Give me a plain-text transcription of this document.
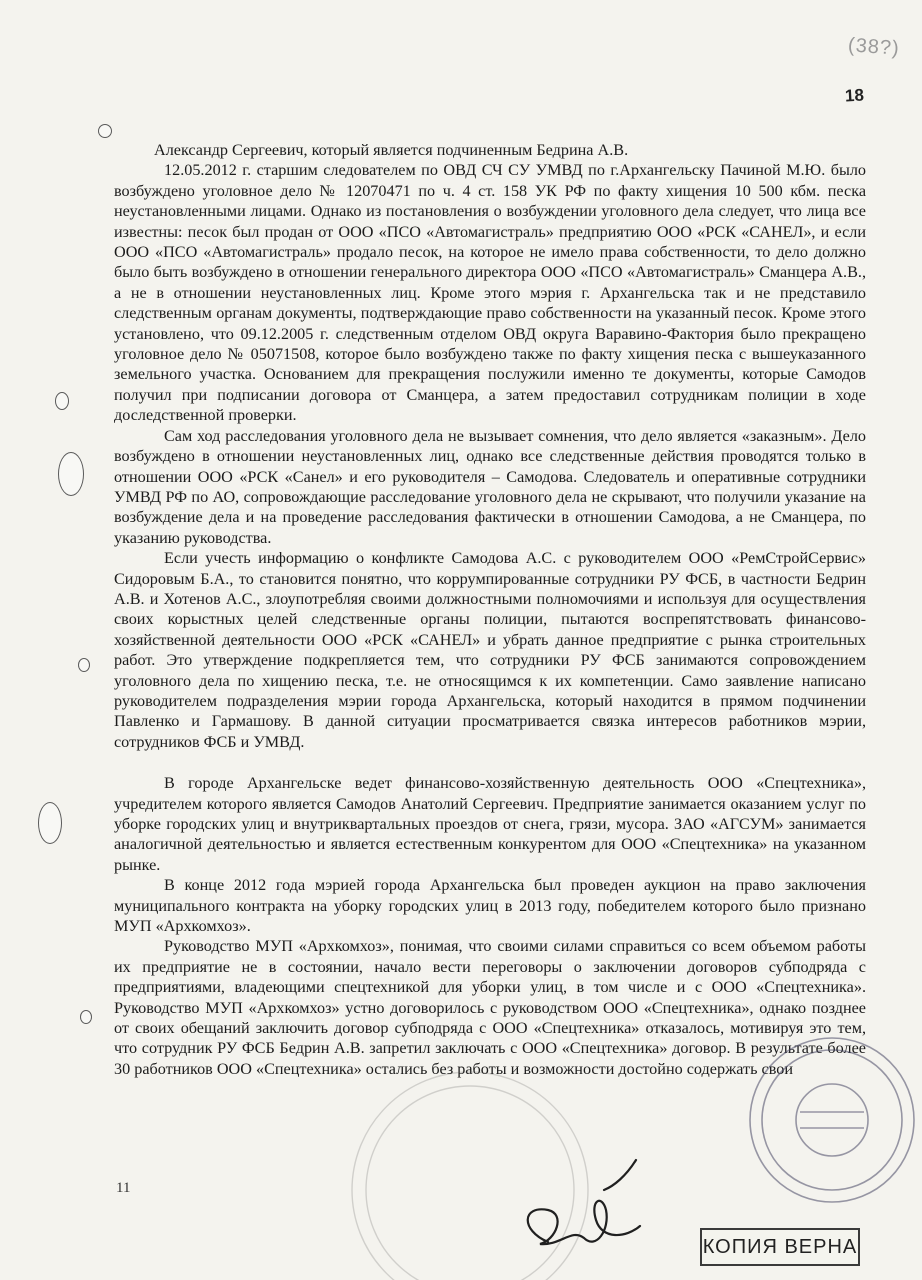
(38?)
18

Александр Сергеевич, который является подчиненным Бедрина А.В.

12.05.2012 г. старшим следователем по ОВД СЧ СУ УМВД по г.Архангельску Пачиной М.Ю. было возбуждено уголовное дело № 12070471 по ч. 4 ст. 158 УК РФ по факту хищения 10 500 кбм. песка неустановленными лицами. Однако из постановления о возбуждении уголовного дела следует, что лица все известны: песок был продан от ООО «ПСО «Автомагистраль» предприятию ООО «РСК «САНЕЛ», и если ООО «ПСО «Автомагистраль» продало песок, на которое не имело права собственности, то дело должно было быть возбуждено в отношении генерального директора ООО «ПСО «Автомагистраль» Сманцера А.В., а не в отношении неустановленных лиц. Кроме этого мэрия г. Архангельска так и не представило следственным органам документы, подтверждающие право собственности на указанный песок. Кроме этого установлено, что 09.12.2005 г. следственным отделом ОВД округа Варавино-Фактория было прекращено уголовное дело № 05071508, которое было возбуждено также по факту хищения песка с вышеуказанного земельного участка. Основанием для прекращения послужили именно те документы, которые Самодов получил при подписании договора от Сманцера, а затем предоставил сотрудникам полиции в ходе доследственной проверки.

Сам ход расследования уголовного дела не вызывает сомнения, что дело является «заказным». Дело возбуждено в отношении неустановленных лиц, однако все следственные действия проводятся только в отношении ООО «РСК «Санел» и его руководителя – Самодова. Следователь и оперативные сотрудники УМВД РФ по АО, сопровождающие расследование уголовного дела не скрывают, что получили указание на возбуждение дела и на проведение расследования фактически в отношении Самодова, а не Сманцера, по указанию руководства.

Если учесть информацию о конфликте Самодова А.С. с руководителем ООО «РемСтройСервис» Сидоровым Б.А., то становится понятно, что коррумпированные сотрудники РУ ФСБ, в частности Бедрин А.В. и Хотенов А.С., злоупотребляя своими должностными полномочиями и используя для осуществления своих корыстных целей следственные органы полиции, пытаются воспрепятствовать финансово-хозяйственной деятельности ООО «РСК «САНЕЛ» и убрать данное предприятие с рынка строительных работ. Это утверждение подкрепляется тем, что сотрудники РУ ФСБ занимаются сопровождением уголовного дела по хищению песка, т.е. не относящимся к их компетенции. Само заявление написано руководителем подразделения мэрии города Архангельска, который находится в прямом подчинении Павленко и Гармашову. В данной ситуации просматривается связка интересов работников мэрии, сотрудников ФСБ и УМВД.

В городе Архангельске ведет финансово-хозяйственную деятельность ООО «Спецтехника», учредителем которого является Самодов Анатолий Сергеевич. Предприятие занимается оказанием услуг по уборке городских улиц и внутриквартальных проездов от снега, грязи, мусора. ЗАО «АГСУМ» занимается аналогичной деятельностью и является естественным конкурентом для ООО «Спецтехника» на указанном рынке.

В конце 2012 года мэрией города Архангельска был проведен аукцион на право заключения муниципального контракта на уборку городских улиц в 2013 году, победителем которого было признано МУП «Архкомхоз».

Руководство МУП «Архкомхоз», понимая, что своими силами справиться со всем объемом работы их предприятие не в состоянии, начало вести переговоры о заключении договоров субподряда с предприятиями, владеющими спецтехникой для уборки улиц, в том числе и с ООО «Спецтехника». Руководство МУП «Архкомхоз» устно договорилось с руководством ООО «Спецтехника», однако позднее от своих обещаний заключить договор субподряда с ООО «Спецтехника» отказалось, мотивируя это тем, что сотрудник РУ ФСБ Бедрин А.В. запретил заключать с ООО «Спецтехника» договор. В результате более 30 работников ООО «Спецтехника» остались без работы и возможности достойно содержать свои

11
КОПИЯ ВЕРНА
